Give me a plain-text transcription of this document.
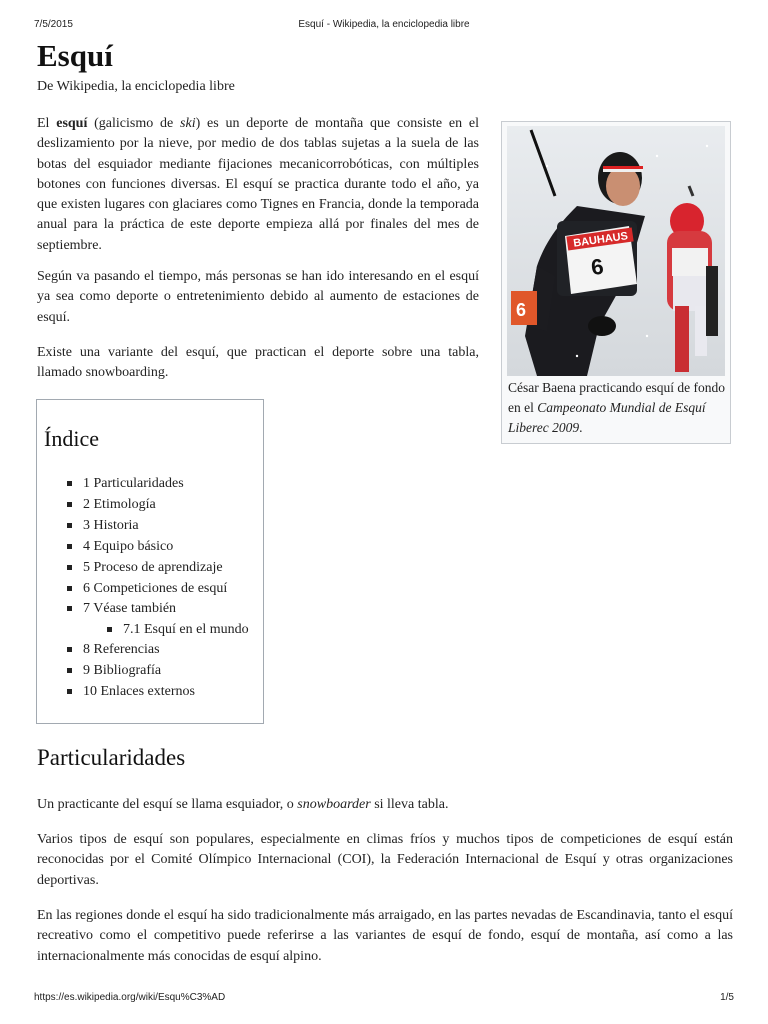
7/5/2015	Esquí - Wikipedia, la enciclopedia libre
Esquí
De Wikipedia, la enciclopedia libre

El esquí (galicismo de ski) es un deporte de montaña que consiste en el deslizamiento por la nieve, por medio de dos tablas sujetas a la suela de las botas del esquiador mediante fijaciones mecanicorrobóticas, con múltiples botones con funciones diversas. El esquí se practica durante todo el año, ya que existen lugares con glaciares como Tignes en Francia, donde la temporada anual para la práctica de este deporte empieza allá por finales del mes de septiembre.

Según va pasando el tiempo, más personas se han ido interesando en el esquí ya sea como deporte o entretenimiento debido al aumento de estaciones de esquí.

Existe una variante del esquí, que practican el deporte sobre una tabla, llamado snowboarding.

BAUHAUS
6
6
César Baena practicando esquí de fondo en el Campeonato Mundial de Esquí Liberec 2009.
Índice
1 Particularidades
2 Etimología
3 Historia
4 Equipo básico
5 Proceso de aprendizaje
6 Competiciones de esquí
7 Véase también
7.1 Esquí en el mundo
8 Referencias
9 Bibliografía
10 Enlaces externos
Particularidades

Un practicante del esquí se llama esquiador, o snowboarder si lleva tabla.

Varios tipos de esquí son populares, especialmente en climas fríos y muchos tipos de competiciones de esquí están reconocidas por el Comité Olímpico Internacional (COI), la Federación Internacional de Esquí y otras organizaciones deportivas.

En las regiones donde el esquí ha sido tradicionalmente más arraigado, en las partes nevadas de Escandinavia, tanto el esquí recreativo como el competitivo puede referirse a las variantes de esquí de fondo, esquí de montaña, así como a las internacionalmente más conocidas de esquí alpino.

https://es.wikipedia.org/wiki/Esqu%C3%AD	1/5
